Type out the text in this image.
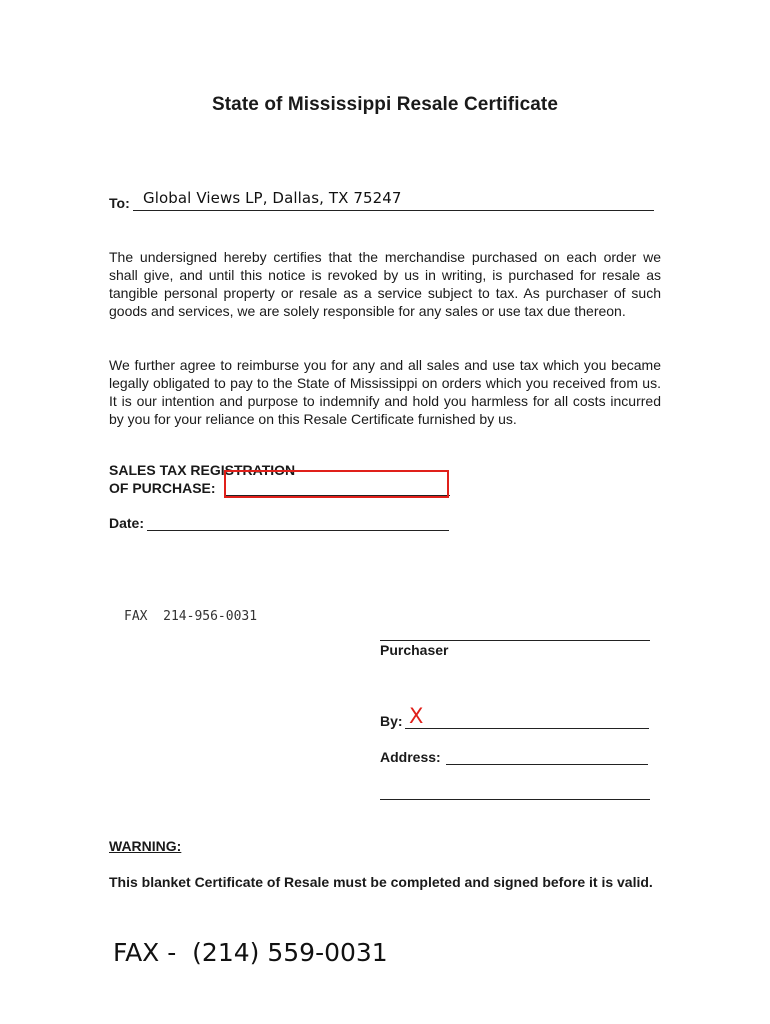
State of Mississippi Resale Certificate
To: Global Views LP, Dallas, TX 75247

The undersigned hereby certifies that the merchandise purchased on each order we shall give, and until this notice is revoked by us in writing, is purchased for resale as tangible personal property or resale as a service subject to tax. As purchaser of such goods and services, we are solely responsible for any sales or use tax due thereon.

We further agree to reimburse you for any and all sales and use tax which you became legally obligated to pay to the State of Mississippi on orders which you received from us. It is our intention and purpose to indemnify and hold you harmless for all costs incurred by you for your reliance on this Resale Certificate furnished by us.

SALES TAX REGISTRATION
OF PURCHASE:
Date:
FAX  214-956-0031
Purchaser
By: X
Address:
WARNING:
This blanket Certificate of Resale must be completed and signed before it is valid.
FAX -  (214) 559-0031
